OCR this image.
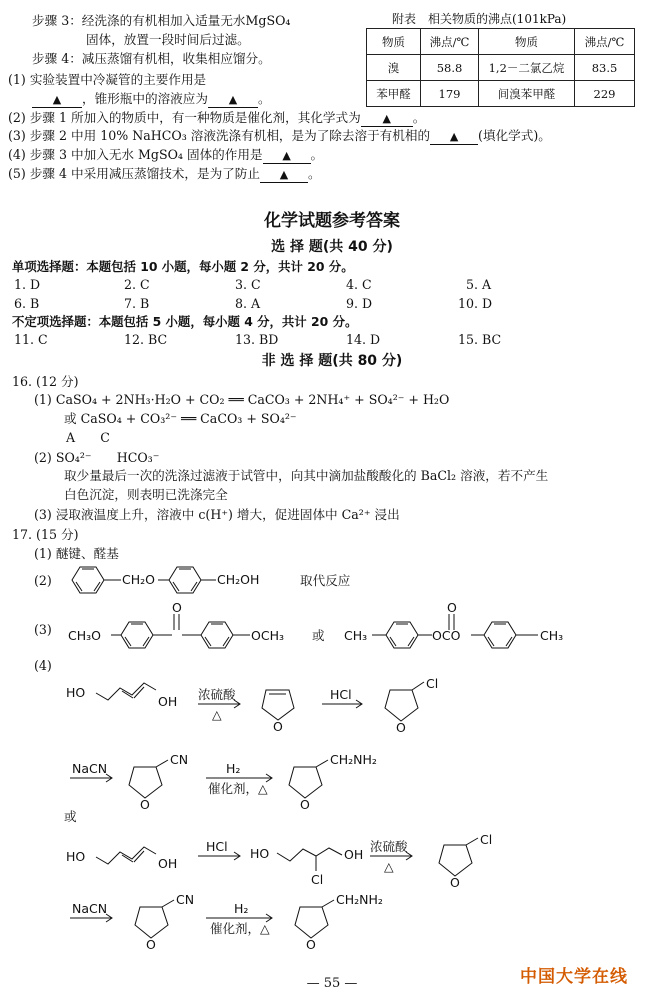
步骤 3：经洗涤的有机相加入适量无水MgSO₄
固体，放置一段时间后过滤。
步骤 4：减压蒸馏有机相，收集相应馏分。
附表　相关物质的沸点(101kPa)
物质	沸点/℃	物质	沸点/℃
溴	58.8	1,2－二氯乙烷	83.5
苯甲醛	179	间溴苯甲醛	229
(1) 实验装置中冷凝管的主要作用是
▲ ，锥形瓶中的溶液应为 ▲ 。
(2) 步骤 1 所加入的物质中，有一种物质是催化剂，其化学式为 ▲ 。
(3) 步骤 2 中用 10% NaHCO₃ 溶液洗涤有机相，是为了除去溶于有机相的 ▲ (填化学式)。
(4) 步骤 3 中加入无水 MgSO₄ 固体的作用是 ▲ 。
(5) 步骤 4 中采用减压蒸馏技术，是为了防止 ▲ 。
化学试题参考答案
选 择 题(共 40 分)
单项选择题：本题包括 10 小题，每小题 2 分，共计 20 分。
1. D	2. C	3. C	4. C	5. A
6. B	7. B	8. A	9. D	10. D
不定项选择题：本题包括 5 小题，每小题 4 分，共计 20 分。
11. C	12. BC	13. BD	14. D	15. BC
非 选 择 题(共 80 分)
16. (12 分)
(1) CaSO₄ + 2NH₃·H₂O + CO₂ ══ CaCO₃ + 2NH₄⁺ + SO₄²⁻ + H₂O
或 CaSO₄ + CO₃²⁻ ══ CaCO₃ + SO₄²⁻
A　　C
(2) SO₄²⁻　　HCO₃⁻
取少量最后一次的洗涤过滤液于试管中，向其中滴加盐酸酸化的 BaCl₂ 溶液，若不产生
白色沉淀，则表明已洗涤完全
(3) 浸取液温度上升，溶液中 c(H⁺) 增大，促进固体中 Ca²⁺ 浸出
17. (15 分)
(1) 醚键、醛基
(2)	取代反应
(3)
(4)
或
CH₂O	CH₂OH
CH₃O
O
OCH₃ 或 CH₃	OCO
O
CH₃
HO
OH 浓硫酸
△
O
HCl
O
Cl
NaCN
O
CN
H₂
催化剂，△
O
CH₂NH₂
HO	OH
HCl HO	OH
Cl
浓硫酸
△
O
Cl
NaCN
O
CN
H₂
催化剂，△
O
CH₂NH₂
— 55 —	中国大学在线
